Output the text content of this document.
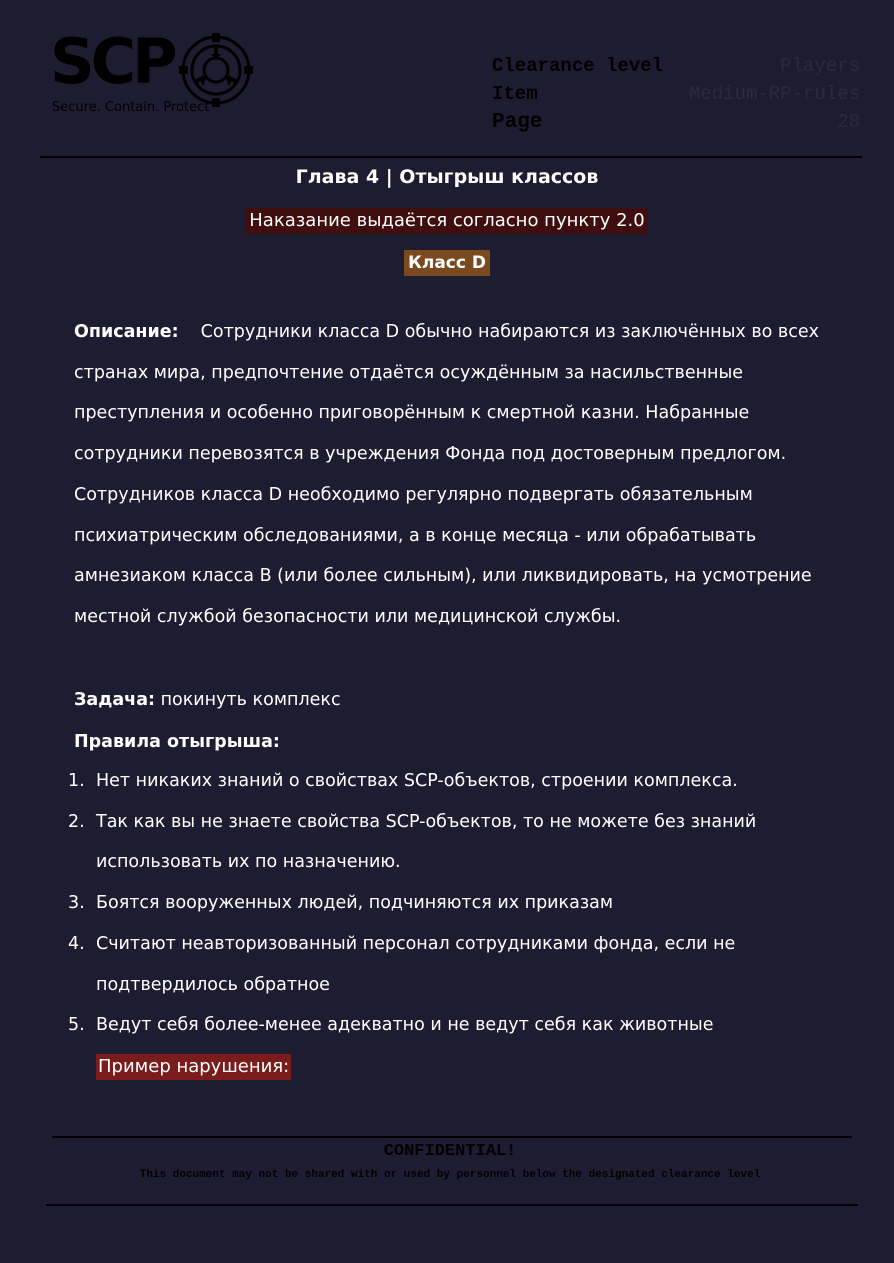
SCP
Secure. Contain. Protect
Clearance level	Players
Item	Medium-RP-rules
Page	28
Глава 4 | Отыгрыш классов
Наказание выдаётся согласно пункту 2.0
Класс D
Описание: Сотрудники класса D обычно набираются из заключённых во всех странах мира, предпочтение отдаётся осуждённым за насильственные преступления и особенно приговорённым к смертной казни. Набранные сотрудники перевозятся в учреждения Фонда под достоверным предлогом. Сотрудников класса D необходимо регулярно подвергать обязательным психиатрическим обследованиями, а в конце месяца - или обрабатывать амнезиаком класса B (или более сильным), или ликвидировать, на усмотрение местной службой безопасности или медицинской службы.
Задача: покинуть комплекс
Правила отыгрыша:
1. Нет никаких знаний о свойствах SCP-объектов, строении комплекса.
2. Так как вы не знаете свойства SCP-объектов, то не можете без знаний использовать их по назначению.
3. Боятся вооруженных людей, подчиняются их приказам
4. Считают неавторизованный персонал сотрудниками фонда, если не подтвердилось обратное
5. Ведут себя более-менее адекватно и не ведут себя как животные
Пример нарушения:
CONFIDENTIAL!
This document may not be shared with or used by personnel below the designated clearance level
